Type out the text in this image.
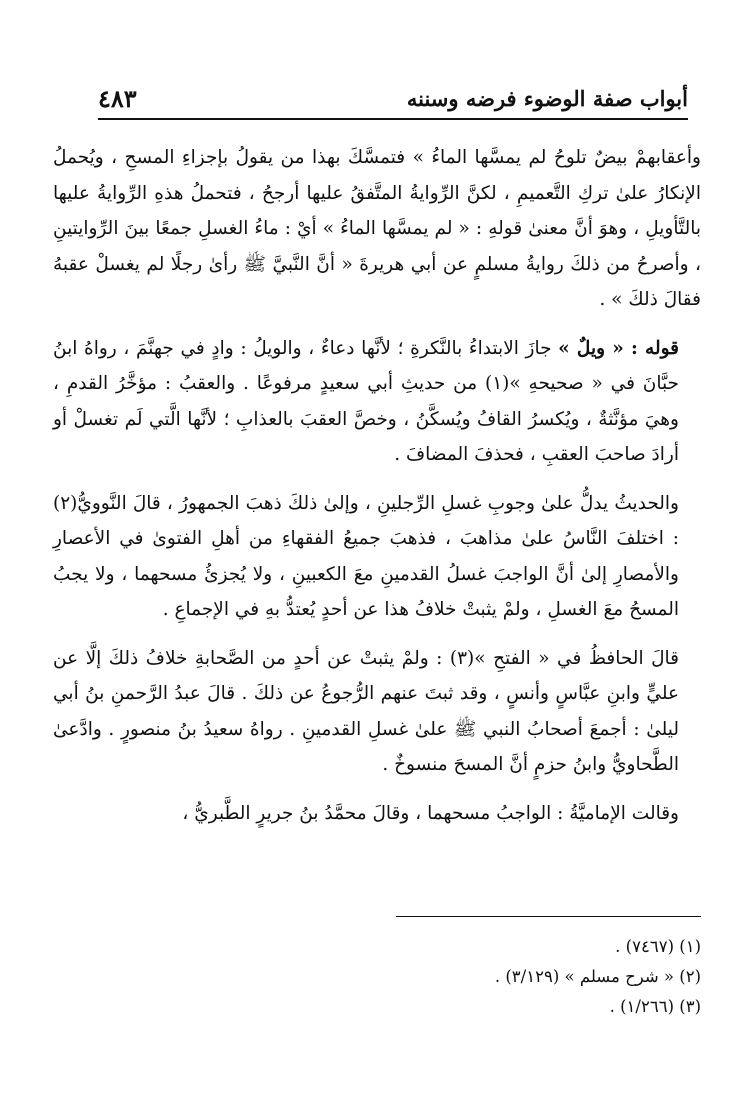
أبواب صفة الوضوء فرضه وسننه
٤٨٣

وأعقابهمْ بيضٌ تلوحُ لم يمسَّها الماءُ » فتمسَّكَ بهذا من يقولُ بإجزاءِ المسحِ ، ويُحملُ الإنكارُ علىٰ تركِ التَّعميمِ ، لكنَّ الرِّوايةُ المتَّفقُ عليها أرجحُ ، فتحملُ هذهِ الرِّوايةُ عليها بالتَّأويلِ ، وهوَ أنَّ معنىٰ قولهِ : « لم يمسَّها الماءُ » أيْ : ماءُ الغسلِ جمعًا بينَ الرِّوايتينِ ، وأصرحُ من ذلكَ روايةُ مسلمٍ عن أبي هريرةَ « أنَّ النَّبيَّ ﷺ رأىٰ رجلًا لم يغسلْ عقبهُ فقالَ ذلكَ » .

قوله : « ويلٌ » جازَ الابتداءُ بالنَّكرةِ ؛ لأنَّها دعاءٌ ، والويلُ : وادٍ في جهنَّمَ ، رواهُ ابنُ حبَّانَ في « صحيحهِ »(١) من حديثِ أبي سعيدٍ مرفوعًا . والعقبُ : مؤخَّرُ القدمِ ، وهيَ مؤنَّثةٌ ، ويُكسرُ القافُ ويُسكَّنُ ، وخصَّ العقبَ بالعذابِ ؛ لأنَّها الَّتي لَم تغسلْ أو أرادَ صاحبَ العقبِ ، فحذفَ المضافَ .

والحديثُ يدلُّ علىٰ وجوبِ غسلِ الرِّجلينِ ، وإلىٰ ذلكَ ذهبَ الجمهورُ ، قالَ النَّوويُّ(٢) : اختلفَ النَّاسُ علىٰ مذاهبَ ، فذهبَ جميعُ الفقهاءِ من أهلِ الفتوىٰ في الأعصارِ والأمصارِ إلىٰ أنَّ الواجبَ غسلُ القدمينِ معَ الكعبينِ ، ولا يُجزئُ مسحهما ، ولا يجبُ المسحُ معَ الغسلِ ، ولمْ يثبتْ خلافُ هذا عن أحدٍ يُعتدُّ بهِ في الإجماعِ .

قالَ الحافظُ في « الفتحِ »(٣) : ولمْ يثبتْ عن أحدٍ من الصَّحابةِ خلافُ ذلكَ إلَّا عن عليٍّ وابنِ عبَّاسٍ وأنسٍ ، وقد ثبتَ عنهم الرُّجوعُ عن ذلكَ . قالَ عبدُ الرَّحمنِ بنُ أبي ليلىٰ : أجمعَ أصحابُ النبي ﷺ علىٰ غسلِ القدمينِ . رواهُ سعيدُ بنُ منصورٍ . وادَّعىٰ الطَّحاويُّ وابنُ حزمٍ أنَّ المسحَ منسوخٌ .

وقالت الإماميَّةُ : الواجبُ مسحهما ، وقالَ محمَّدُ بنُ جريرٍ الطَّبريُّ ،

(١) (٧٤٦٧) .
(٢) « شرح مسلم » (٣/١٢٩) .
(٣) (١/٢٦٦) .
